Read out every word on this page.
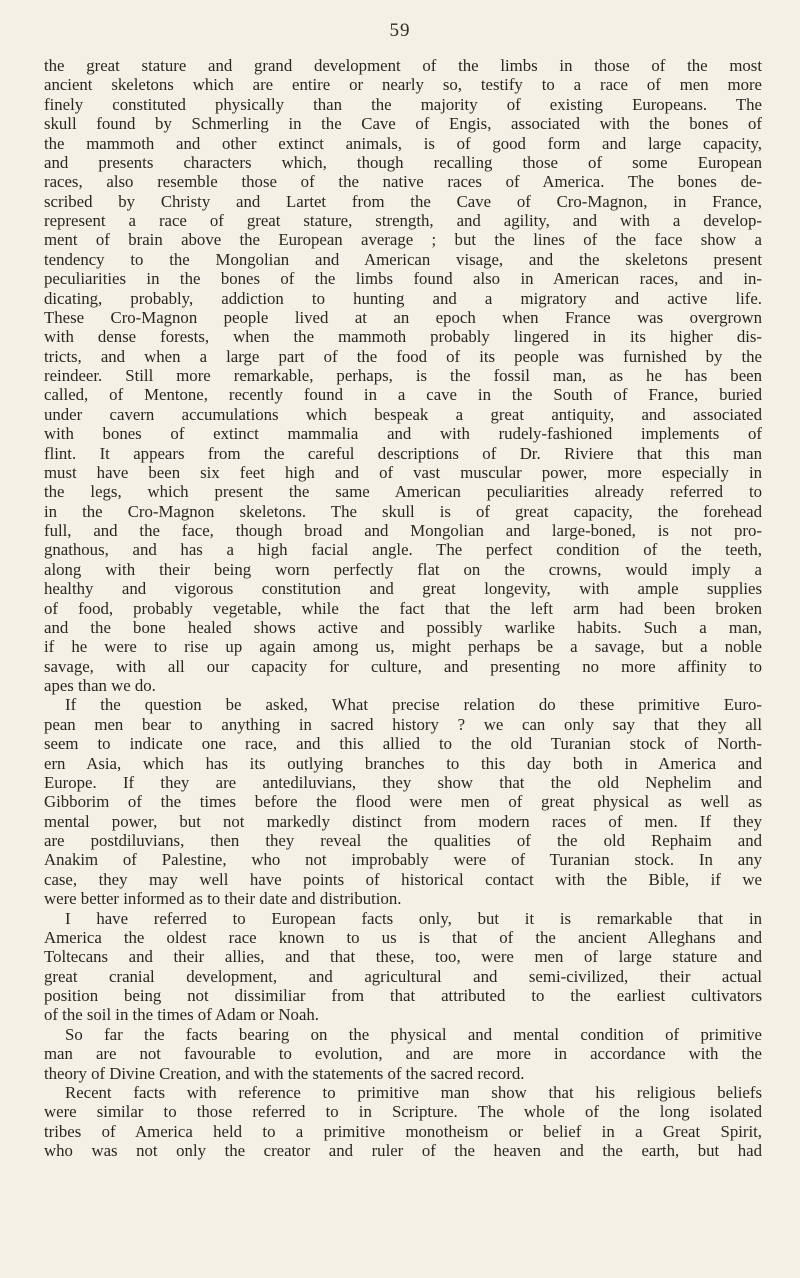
59
the great stature and grand development of the limbs in those of the most
ancient skeletons which are entire or nearly so, testify to a race of men more
finely constituted physically than the majority of existing Europeans. The
skull found by Schmerling in the Cave of Engis, associated with the bones of
the mammoth and other extinct animals, is of good form and large capacity,
and presents characters which, though recalling those of some European
races, also resemble those of the native races of America. The bones de-
scribed by Christy and Lartet from the Cave of Cro-Magnon, in France,
represent a race of great stature, strength, and agility, and with a develop-
ment of brain above the European average ; but the lines of the face show a
tendency to the Mongolian and American visage, and the skeletons present
peculiarities in the bones of the limbs found also in American races, and in-
dicating, probably, addiction to hunting and a migratory and active life.
These Cro-Magnon people lived at an epoch when France was overgrown
with dense forests, when the mammoth probably lingered in its higher dis-
tricts, and when a large part of the food of its people was furnished by the
reindeer. Still more remarkable, perhaps, is the fossil man, as he has been
called, of Mentone, recently found in a cave in the South of France, buried
under cavern accumulations which bespeak a great antiquity, and associated
with bones of extinct mammalia and with rudely-fashioned implements of
flint. It appears from the careful descriptions of Dr. Riviere that this man
must have been six feet high and of vast muscular power, more especially in
the legs, which present the same American peculiarities already referred to
in the Cro-Magnon skeletons. The skull is of great capacity, the forehead
full, and the face, though broad and Mongolian and large-boned, is not pro-
gnathous, and has a high facial angle. The perfect condition of the teeth,
along with their being worn perfectly flat on the crowns, would imply a
healthy and vigorous constitution and great longevity, with ample supplies
of food, probably vegetable, while the fact that the left arm had been broken
and the bone healed shows active and possibly warlike habits. Such a man,
if he were to rise up again among us, might perhaps be a savage, but a noble
savage, with all our capacity for culture, and presenting no more affinity to
apes than we do.
If the question be asked, What precise relation do these primitive Euro-
pean men bear to anything in sacred history ? we can only say that they all
seem to indicate one race, and this allied to the old Turanian stock of North-
ern Asia, which has its outlying branches to this day both in America and
Europe. If they are antediluvians, they show that the old Nephelim and
Gibborim of the times before the flood were men of great physical as well as
mental power, but not markedly distinct from modern races of men. If they
are postdiluvians, then they reveal the qualities of the old Rephaim and
Anakim of Palestine, who not improbably were of Turanian stock. In any
case, they may well have points of historical contact with the Bible, if we
were better informed as to their date and distribution.
I have referred to European facts only, but it is remarkable that in
America the oldest race known to us is that of the ancient Alleghans and
Toltecans and their allies, and that these, too, were men of large stature and
great cranial development, and agricultural and semi-civilized, their actual
position being not dissimiliar from that attributed to the earliest cultivators
of the soil in the times of Adam or Noah.
So far the facts bearing on the physical and mental condition of primitive
man are not favourable to evolution, and are more in accordance with the
theory of Divine Creation, and with the statements of the sacred record.
Recent facts with reference to primitive man show that his religious beliefs
were similar to those referred to in Scripture. The whole of the long isolated
tribes of America held to a primitive monotheism or belief in a Great Spirit,
who was not only the creator and ruler of the heaven and the earth, but had
